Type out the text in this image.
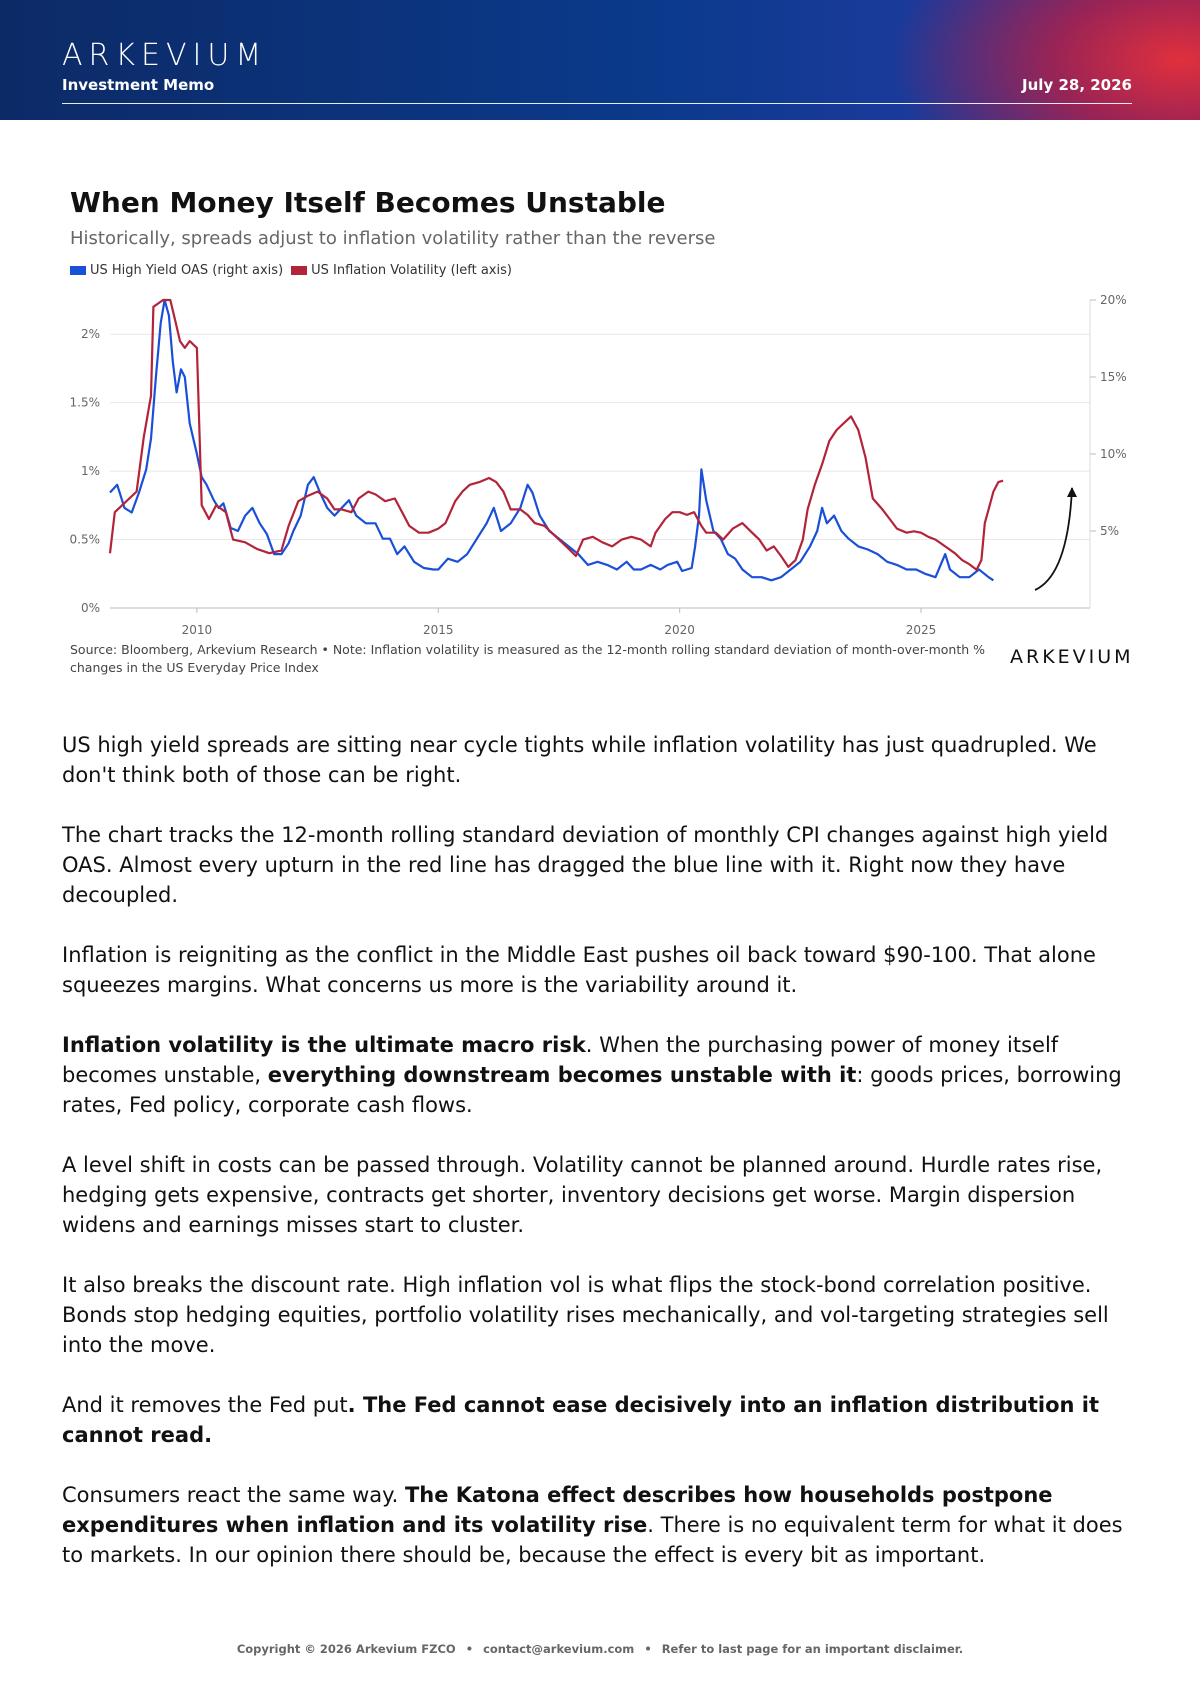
ARKEVIUM
Investment Memo	July 28, 2026
When Money Itself Becomes Unstable
Historically, spreads adjust to inflation volatility rather than the reverse
US High Yield OAS (right axis) US Inflation Volatility (left axis)
0%
0.5%
1%
1.5%
2%
5%
10%
15%
20%
2010	2015	2020	2025
Source: Bloomberg, Arkevium Research • Note: Inflation volatility is measured as the 12-month rolling standard deviation of month-over-month % changes in the US Everyday Price Index	ARKEVIUM

US high yield spreads are sitting near cycle tights while inflation volatility has just quadrupled. We don't think both of those can be right.

The chart tracks the 12-month rolling standard deviation of monthly CPI changes against high yield OAS. Almost every upturn in the red line has dragged the blue line with it. Right now they have decoupled.

Inflation is reigniting as the conflict in the Middle East pushes oil back toward $90-100. That alone squeezes margins. What concerns us more is the variability around it.

Inflation volatility is the ultimate macro risk. When the purchasing power of money itself becomes unstable, everything downstream becomes unstable with it: goods prices, borrowing rates, Fed policy, corporate cash flows.

A level shift in costs can be passed through. Volatility cannot be planned around. Hurdle rates rise, hedging gets expensive, contracts get shorter, inventory decisions get worse. Margin dispersion widens and earnings misses start to cluster.

It also breaks the discount rate. High inflation vol is what flips the stock-bond correlation positive. Bonds stop hedging equities, portfolio volatility rises mechanically, and vol-targeting strategies sell into the move.

And it removes the Fed put. The Fed cannot ease decisively into an inflation distribution it cannot read.

Consumers react the same way. The Katona effect describes how households postpone expenditures when inflation and its volatility rise. There is no equivalent term for what it does to markets. In our opinion there should be, because the effect is every bit as important.

Copyright © 2026 Arkevium FZCO • contact@arkevium.com • Refer to last page for an important disclaimer.
